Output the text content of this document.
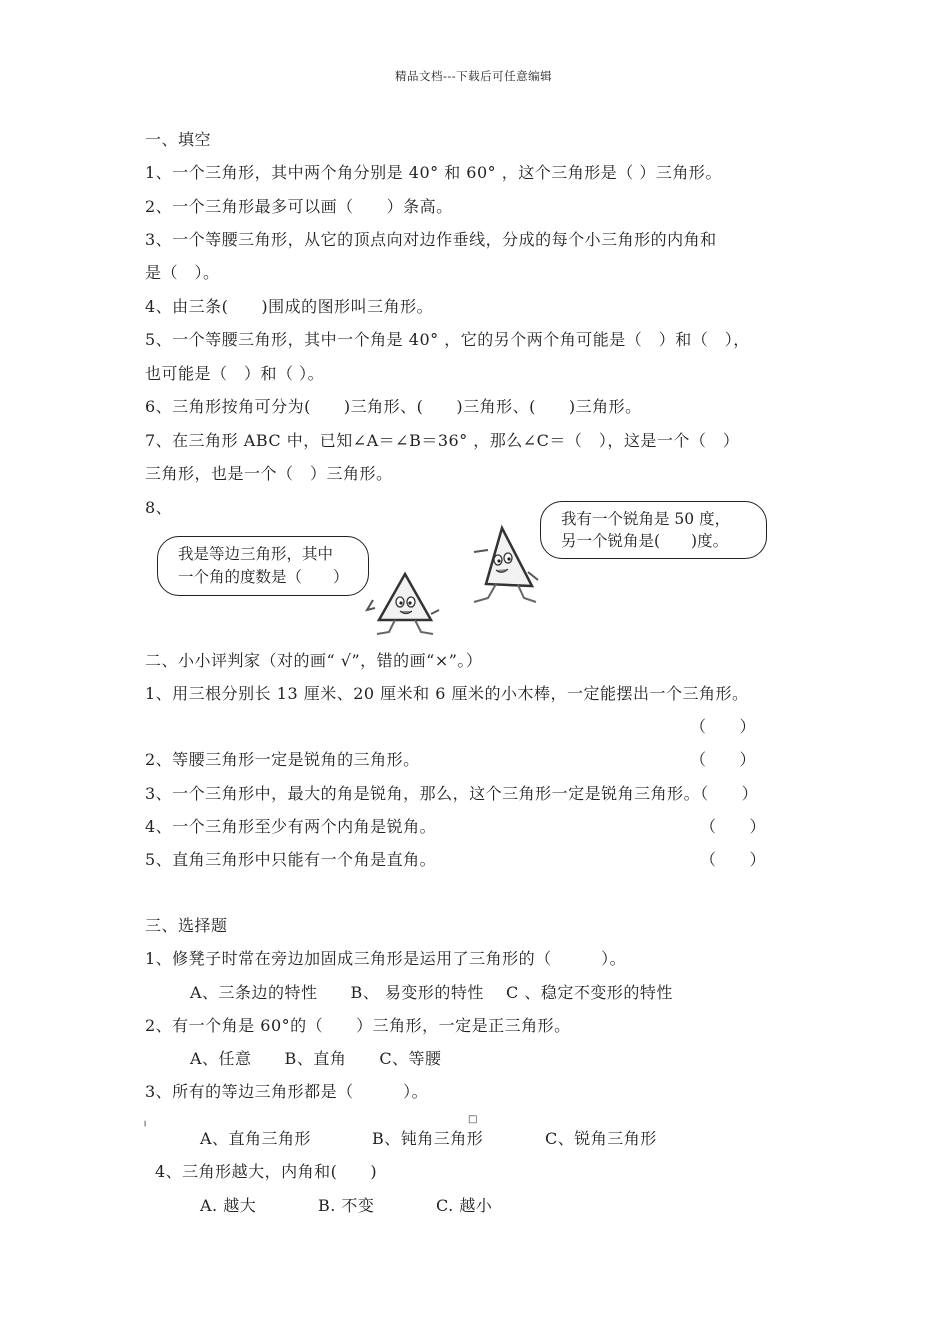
精品文档---下载后可任意编辑
一、填空
1、一个三角形，其中两个角分别是 40° 和 60° ，这个三角形是（ ）三角形。
2、一个三角形最多可以画（　　）条高。
3、一个等腰三角形，从它的顶点向对边作垂线，分成的每个小三角形的内角和
是（　）。
4、由三条(　　)围成的图形叫三角形。
5、一个等腰三角形，其中一个角是 40° ，它的另个两个角可能是（　）和（　），
也可能是（　）和（ ）。
6、三角形按角可分为(　　)三角形、(　　)三角形、(　　)三角形。
7、在三角形 ABC 中，已知∠A＝∠B＝36° ，那么∠C＝（　），这是一个（　）
三角形，也是一个（　）三角形。
8、
我是等边三角形，其中
一个角的度数是（　　）
我有一个锐角是 50 度，
另一个锐角是(　　)度。
二、小小评判家（对的画“ √”，错的画“×”。）
1、用三根分别长 13 厘米、20 厘米和 6 厘米的小木棒，一定能摆出一个三角形。
（　　）
2、等腰三角形一定是锐角的三角形。	（　　）
3、一个三角形中，最大的角是锐角，那么，这个三角形一定是锐角三角形。（　　）
4、一个三角形至少有两个内角是锐角。	（　　）
5、直角三角形中只能有一个角是直角。	（　　）
三、选择题
1、修凳子时常在旁边加固成三角形是运用了三角形的（　　　）。
A、三条边的特性　　B、 易变形的特性　 C 、稳定不变形的特性
2、有一个角是 60°的（　　）三角形，一定是正三角形。
A、任意　　B、直角　　C、等腰
3、所有的等边三角形都是（　　　）。
╷	□
A、直角三角形	B、钝角三角形	C、锐角三角形
4、三角形越大，内角和(　　)
A. 越大	B. 不变	C. 越小
